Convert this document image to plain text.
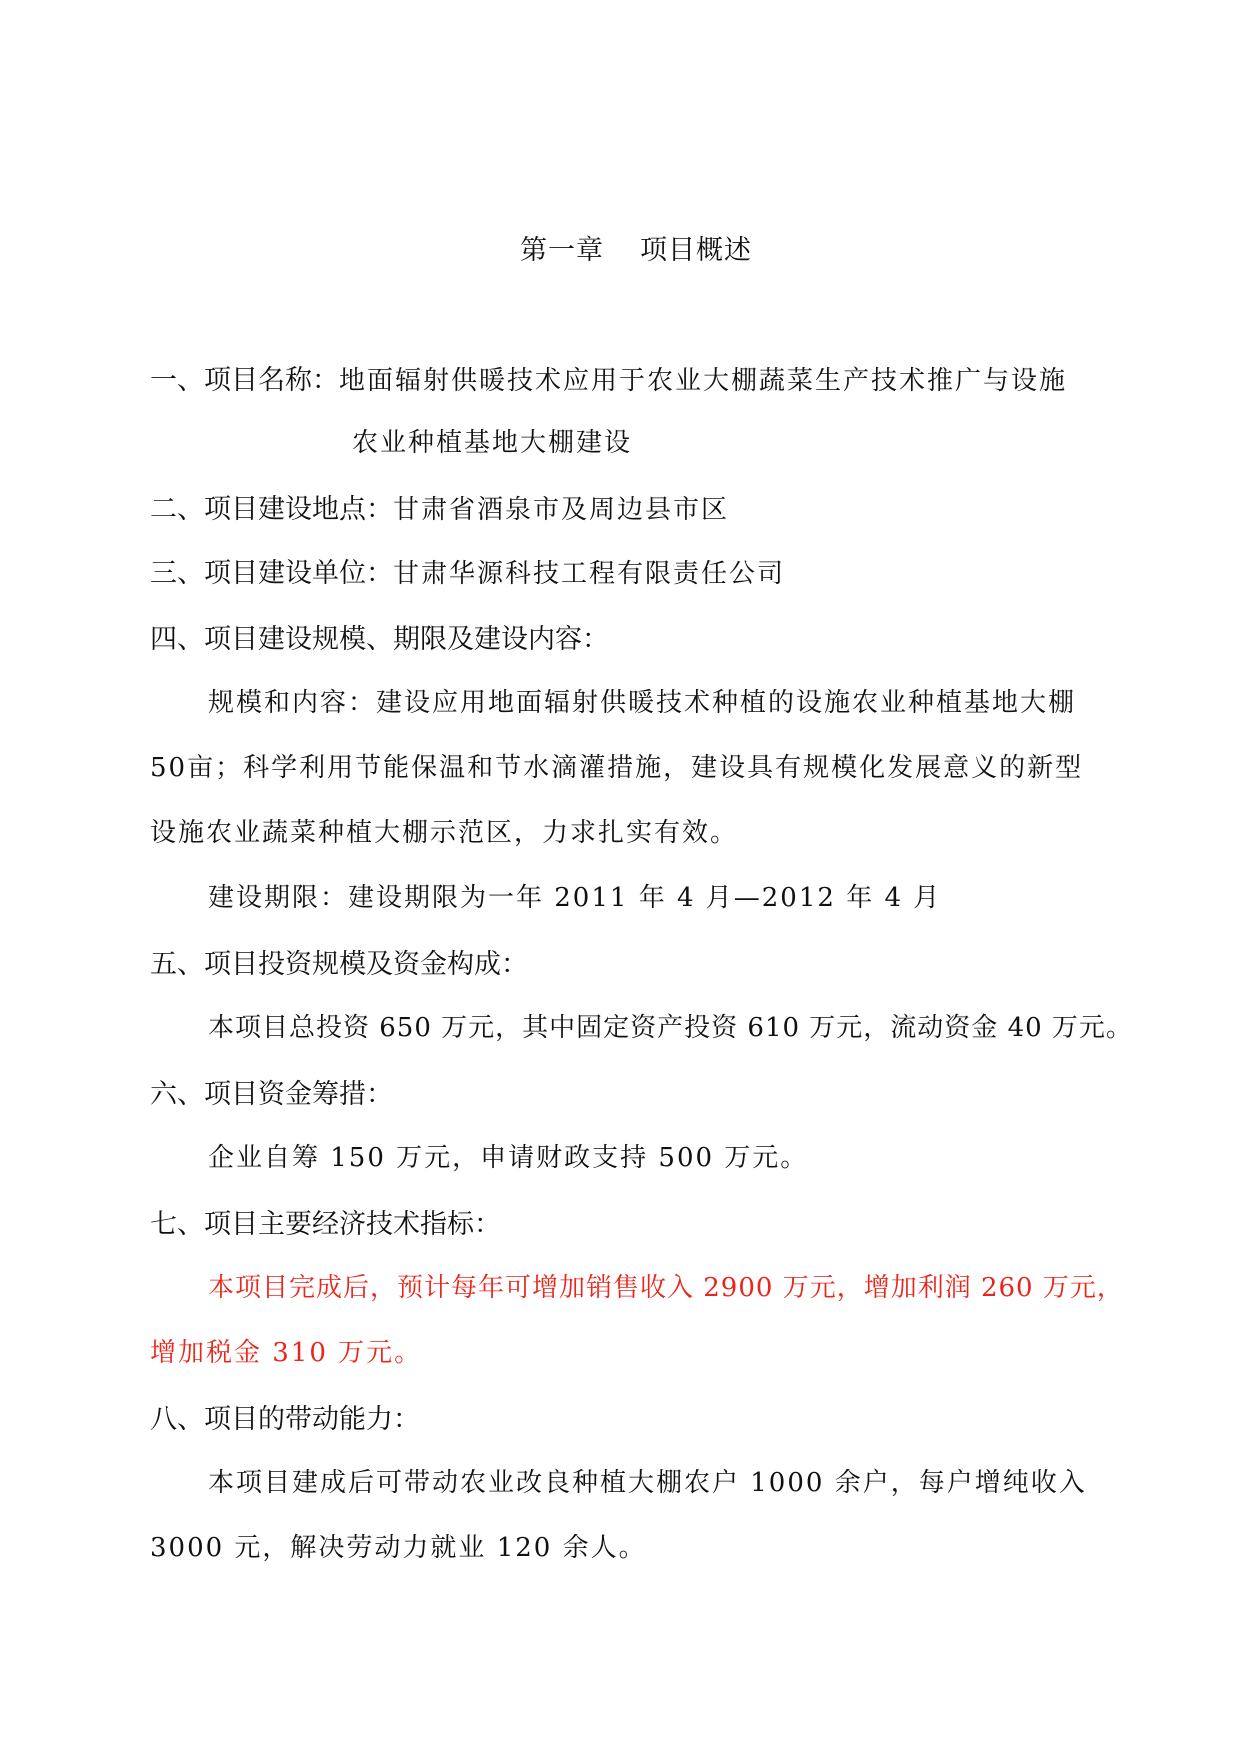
第一章 项目概述
一、项目名称：地面辐射供暖技术应用于农业大棚蔬菜生产技术推广与设施
农业种植基地大棚建设
二、项目建设地点：甘肃省酒泉市及周边县市区
三、项目建设单位：甘肃华源科技工程有限责任公司
四、项目建设规模、期限及建设内容：
规模和内容：建设应用地面辐射供暖技术种植的设施农业种植基地大棚
50亩；科学利用节能保温和节水滴灌措施，建设具有规模化发展意义的新型
设施农业蔬菜种植大棚示范区，力求扎实有效。
建设期限：建设期限为一年 2011 年 4 月—2012 年 4 月
五、项目投资规模及资金构成：
本项目总投资 650 万元，其中固定资产投资 610 万元，流动资金 40 万元。
六、项目资金筹措：
企业自筹 150 万元，申请财政支持 500 万元。
七、项目主要经济技术指标：
本项目完成后，预计每年可增加销售收入 2900 万元，增加利润 260 万元，
增加税金 310 万元。
八、项目的带动能力：
本项目建成后可带动农业改良种植大棚农户 1000 余户，每户增纯收入
3000 元，解决劳动力就业 120 余人。
